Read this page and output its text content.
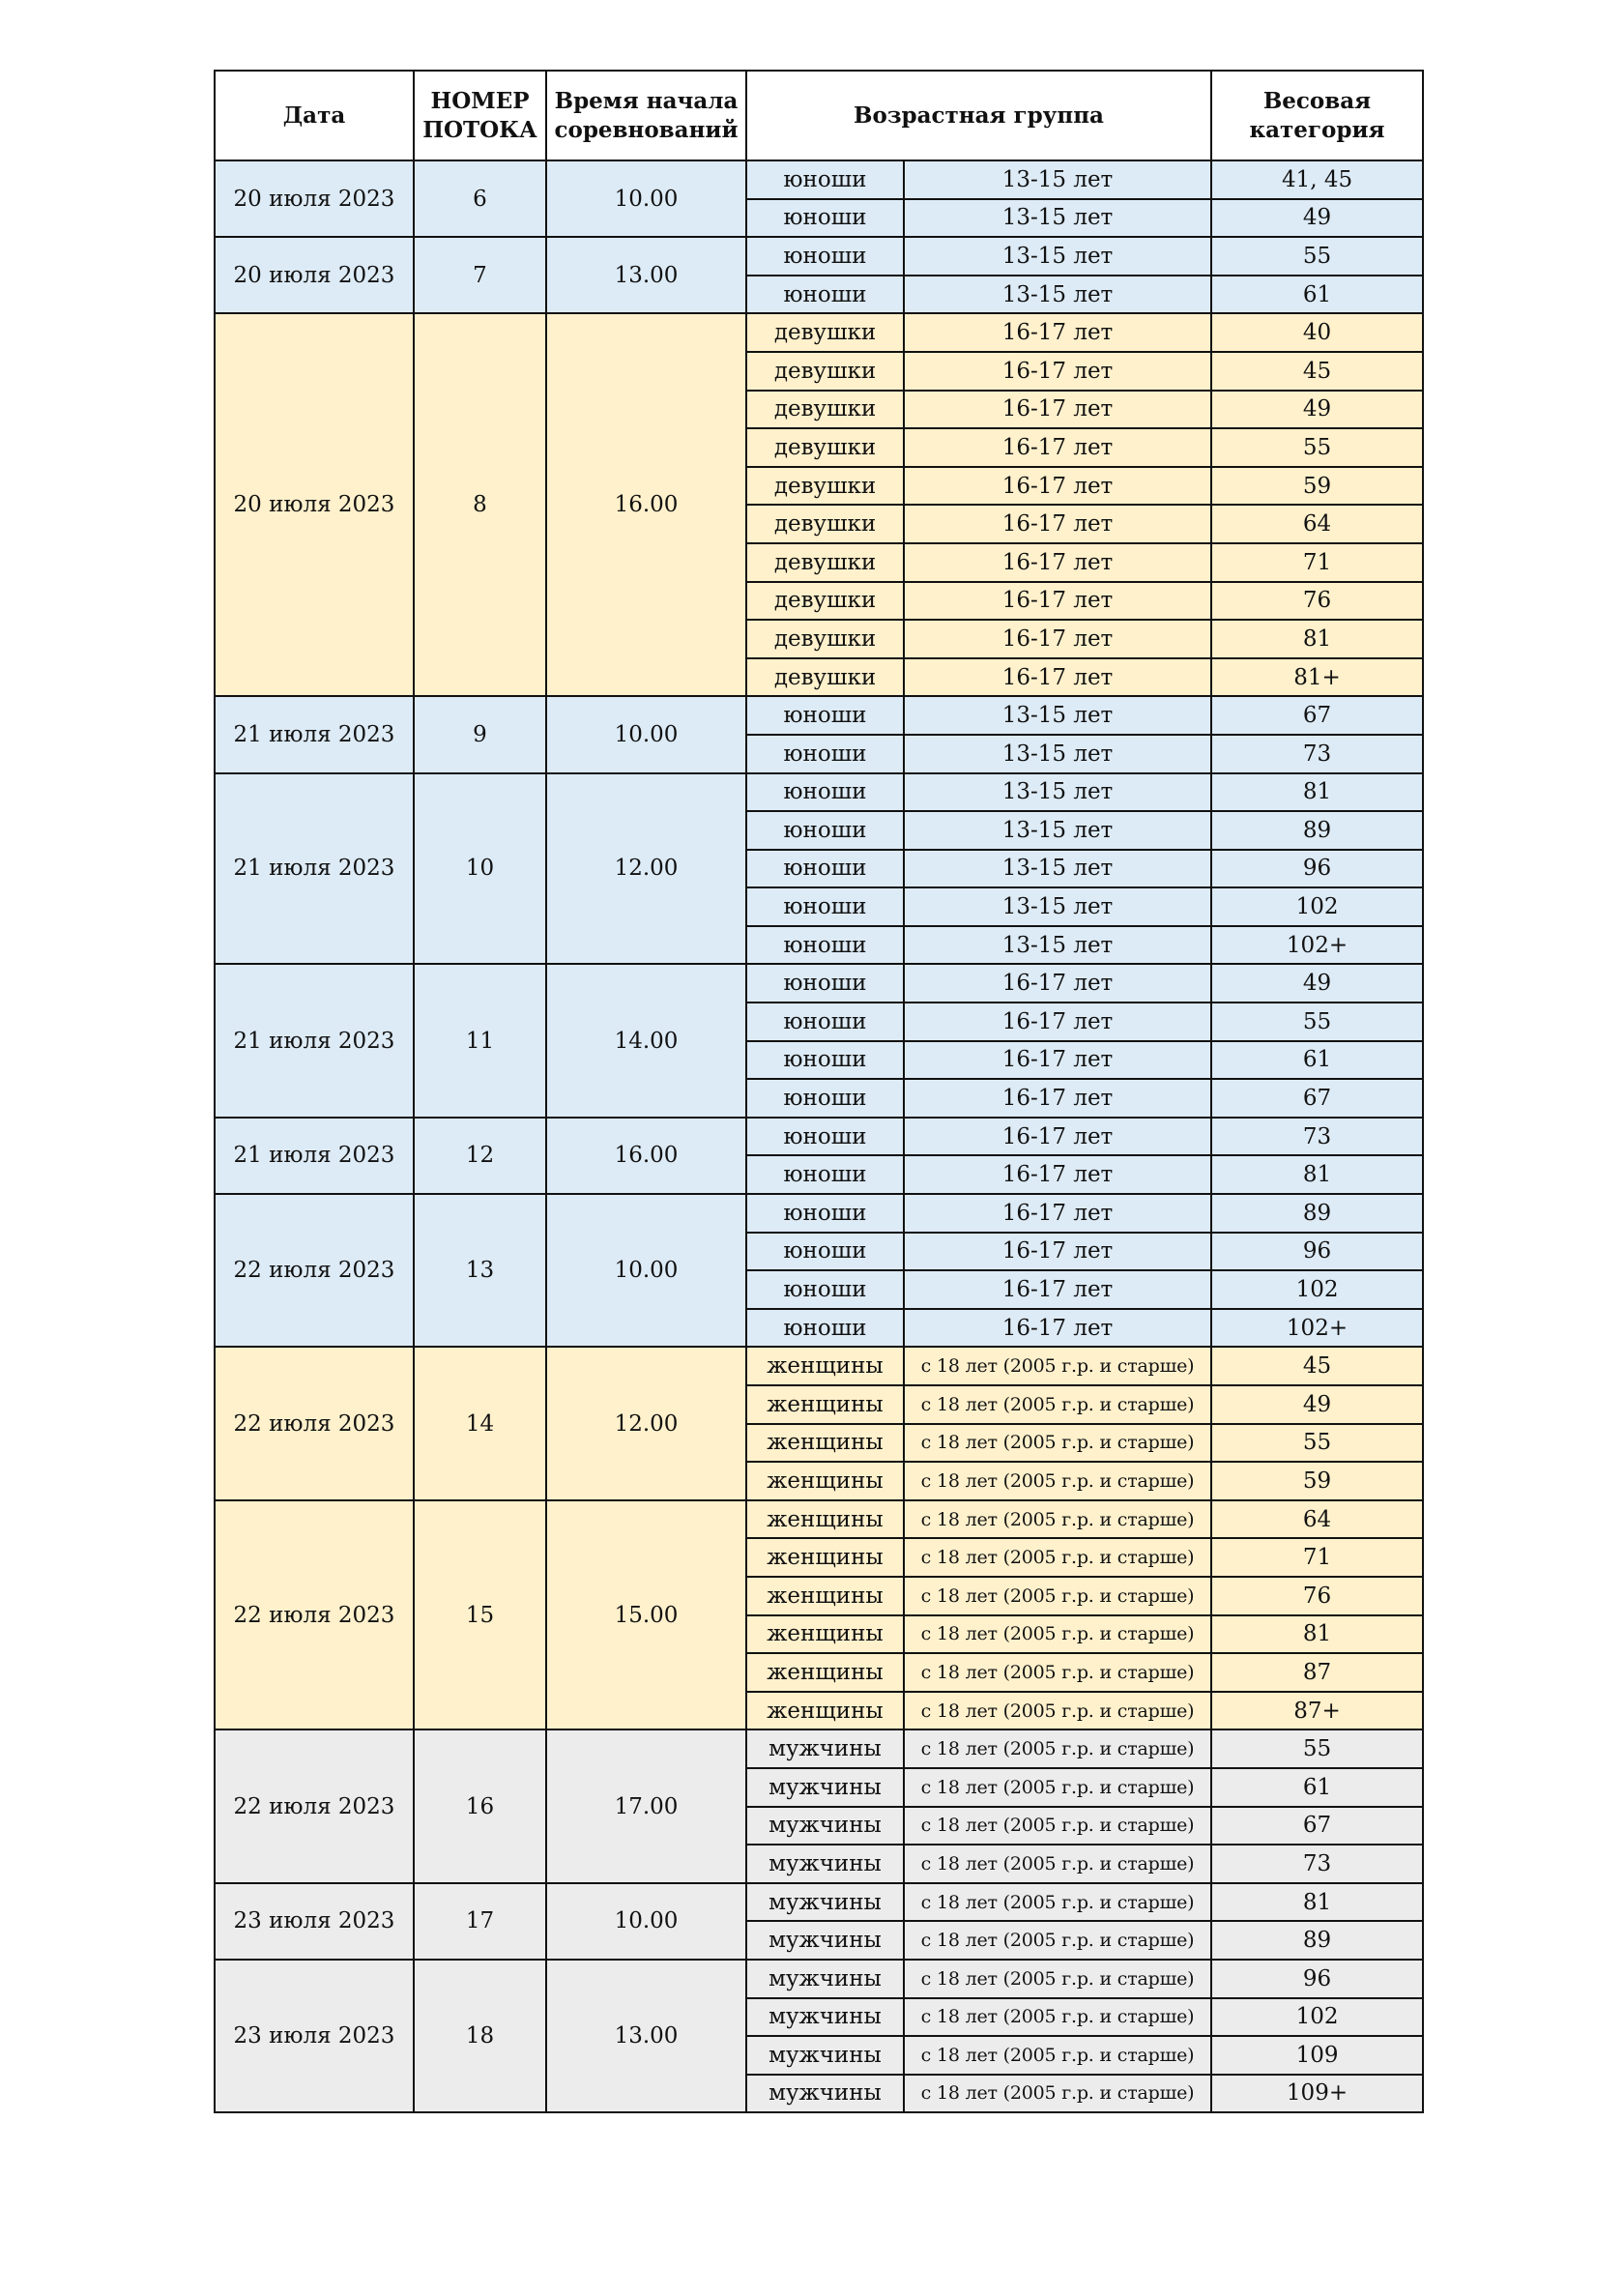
Дата	НОМЕР ПОТОКА	Время начала соревнований	Возрастная группа		Весовая категория
20 июля 2023	6	10.00	юноши	13-15 лет	41, 45
			юноши	13-15 лет	49
20 июля 2023	7	13.00	юноши	13-15 лет	55
			юноши	13-15 лет	61
20 июля 2023	8	16.00	девушки	16-17 лет	40
			девушки	16-17 лет	45
			девушки	16-17 лет	49
			девушки	16-17 лет	55
			девушки	16-17 лет	59
			девушки	16-17 лет	64
			девушки	16-17 лет	71
			девушки	16-17 лет	76
			девушки	16-17 лет	81
			девушки	16-17 лет	81+
21 июля 2023	9	10.00	юноши	13-15 лет	67
			юноши	13-15 лет	73
21 июля 2023	10	12.00	юноши	13-15 лет	81
			юноши	13-15 лет	89
			юноши	13-15 лет	96
			юноши	13-15 лет	102
			юноши	13-15 лет	102+
21 июля 2023	11	14.00	юноши	16-17 лет	49
			юноши	16-17 лет	55
			юноши	16-17 лет	61
			юноши	16-17 лет	67
21 июля 2023	12	16.00	юноши	16-17 лет	73
			юноши	16-17 лет	81
22 июля 2023	13	10.00	юноши	16-17 лет	89
			юноши	16-17 лет	96
			юноши	16-17 лет	102
			юноши	16-17 лет	102+
22 июля 2023	14	12.00	женщины	с 18 лет (2005 г.р. и старше)	45
			женщины	с 18 лет (2005 г.р. и старше)	49
			женщины	с 18 лет (2005 г.р. и старше)	55
			женщины	с 18 лет (2005 г.р. и старше)	59
22 июля 2023	15	15.00	женщины	с 18 лет (2005 г.р. и старше)	64
			женщины	с 18 лет (2005 г.р. и старше)	71
			женщины	с 18 лет (2005 г.р. и старше)	76
			женщины	с 18 лет (2005 г.р. и старше)	81
			женщины	с 18 лет (2005 г.р. и старше)	87
			женщины	с 18 лет (2005 г.р. и старше)	87+
22 июля 2023	16	17.00	мужчины	с 18 лет (2005 г.р. и старше)	55
			мужчины	с 18 лет (2005 г.р. и старше)	61
			мужчины	с 18 лет (2005 г.р. и старше)	67
			мужчины	с 18 лет (2005 г.р. и старше)	73
23 июля 2023	17	10.00	мужчины	с 18 лет (2005 г.р. и старше)	81
			мужчины	с 18 лет (2005 г.р. и старше)	89
23 июля 2023	18	13.00	мужчины	с 18 лет (2005 г.р. и старше)	96
			мужчины	с 18 лет (2005 г.р. и старше)	102
			мужчины	с 18 лет (2005 г.р. и старше)	109
			мужчины	с 18 лет (2005 г.р. и старше)	109+
